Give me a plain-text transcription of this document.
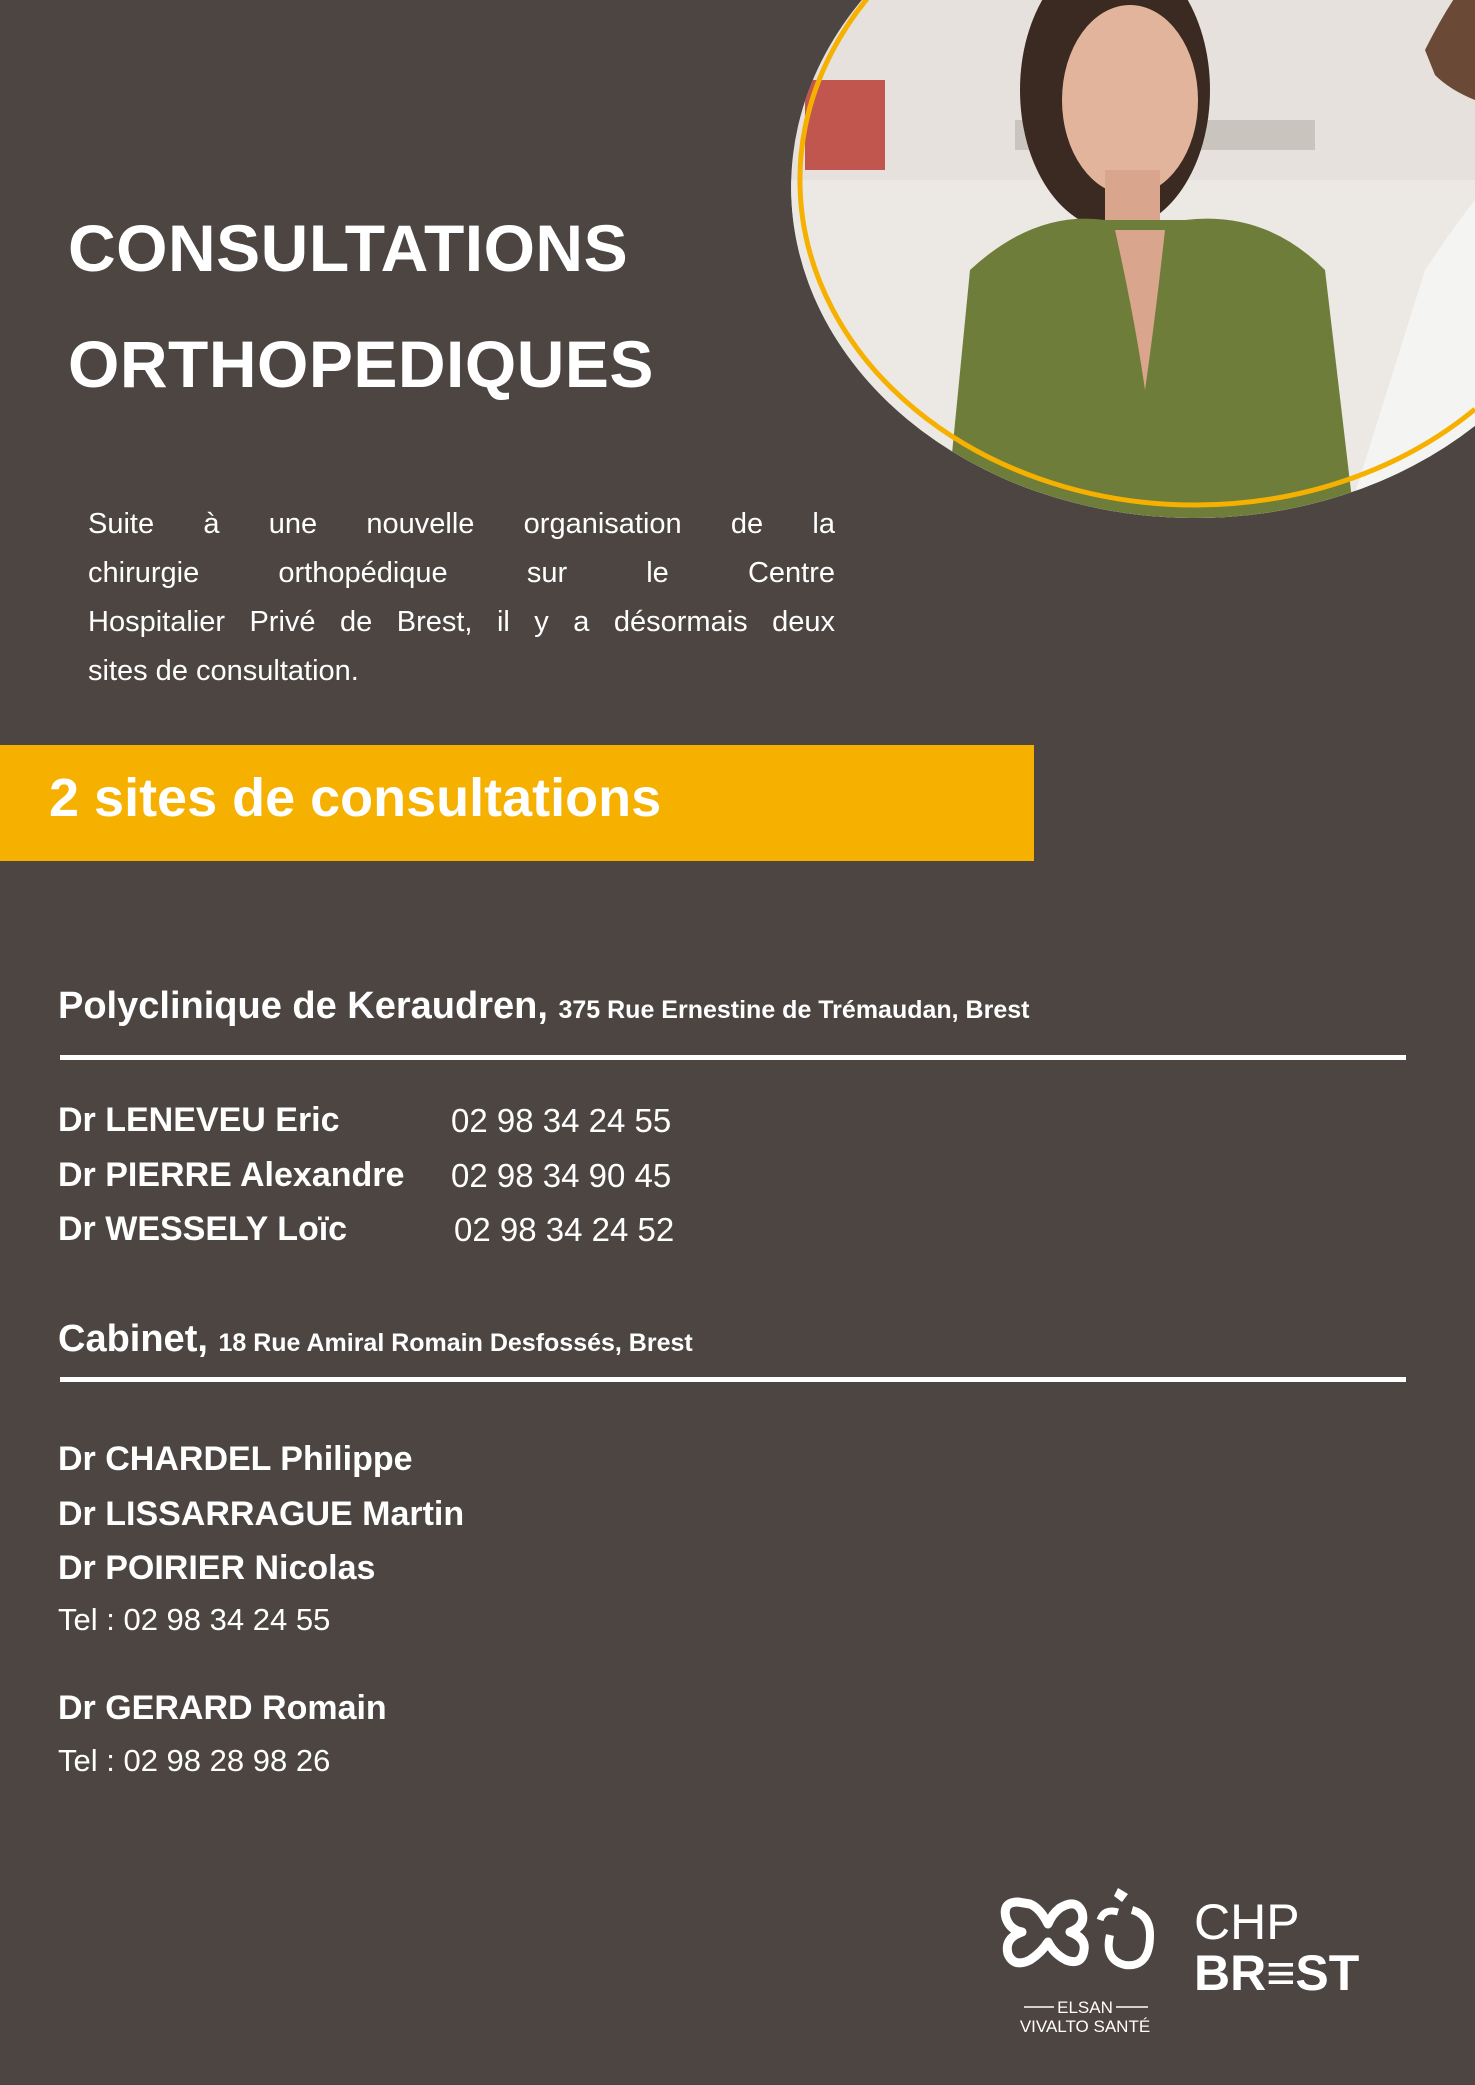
CONSULTATIONS
ORTHOPEDIQUES
Suite à une nouvelle organisation de la
chirurgie orthopédique sur le Centre
Hospitalier Privé de Brest, il y a désormais deux
sites de consultation.
2 sites de consultations
Polyclinique de Keraudren, 375 Rue Ernestine de Trémaudan, Brest
Dr LENEVEU Eric	02 98 34 24 55
Dr PIERRE Alexandre 02 98 34 90 45
Dr WESSELY Loïc	02 98 34 24 52
Cabinet, 18 Rue Amiral Romain Desfossés, Brest
Dr CHARDEL Philippe
Dr LISSARRAGUE Martin
Dr POIRIER Nicolas
Tel : 02 98 34 24 55
Dr GERARD Romain
Tel : 02 98 28 98 26
ELSAN
VIVALTO SANTÉ
CHP
BR≡ST
